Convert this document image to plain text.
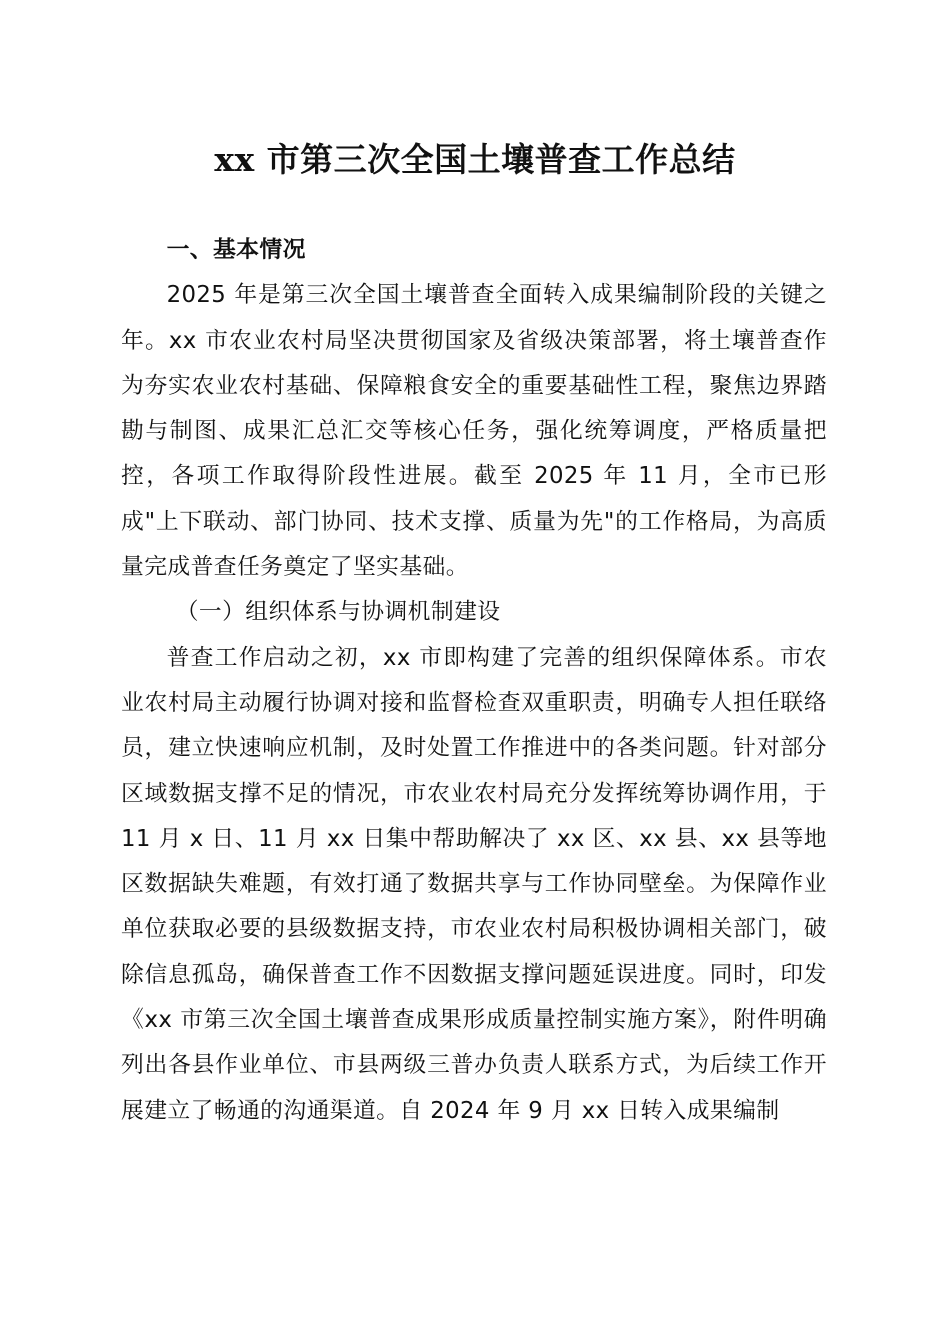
xx 市第三次全国土壤普查工作总结
一、基本情况

2025 年是第三次全国土壤普查全面转入成果编制阶段的关键之年。xx 市农业农村局坚决贯彻国家及省级决策部署，将土壤普查作为夯实农业农村基础、保障粮食安全的重要基础性工程，聚焦边界踏勘与制图、成果汇总汇交等核心任务，强化统筹调度，严格质量把控，各项工作取得阶段性进展。截至 2025 年 11 月，全市已形成"上下联动、部门协同、技术支撑、质量为先"的工作格局，为高质量完成普查任务奠定了坚实基础。

（一）组织体系与协调机制建设

普查工作启动之初，xx 市即构建了完善的组织保障体系。市农业农村局主动履行协调对接和监督检查双重职责，明确专人担任联络员，建立快速响应机制，及时处置工作推进中的各类问题。针对部分区域数据支撑不足的情况，市农业农村局充分发挥统筹协调作用，于 11 月 x 日、11 月 xx 日集中帮助解决了 xx 区、xx 县、xx 县等地区数据缺失难题，有效打通了数据共享与工作协同壁垒。为保障作业单位获取必要的县级数据支持，市农业农村局积极协调相关部门，破除信息孤岛，确保普查工作不因数据支撑问题延误进度。同时，印发《xx 市第三次全国土壤普查成果形成质量控制实施方案》，附件明确列出各县作业单位、市县两级三普办负责人联系方式，为后续工作开展建立了畅通的沟通渠道。自 2024 年 9 月 xx 日转入成果编制
